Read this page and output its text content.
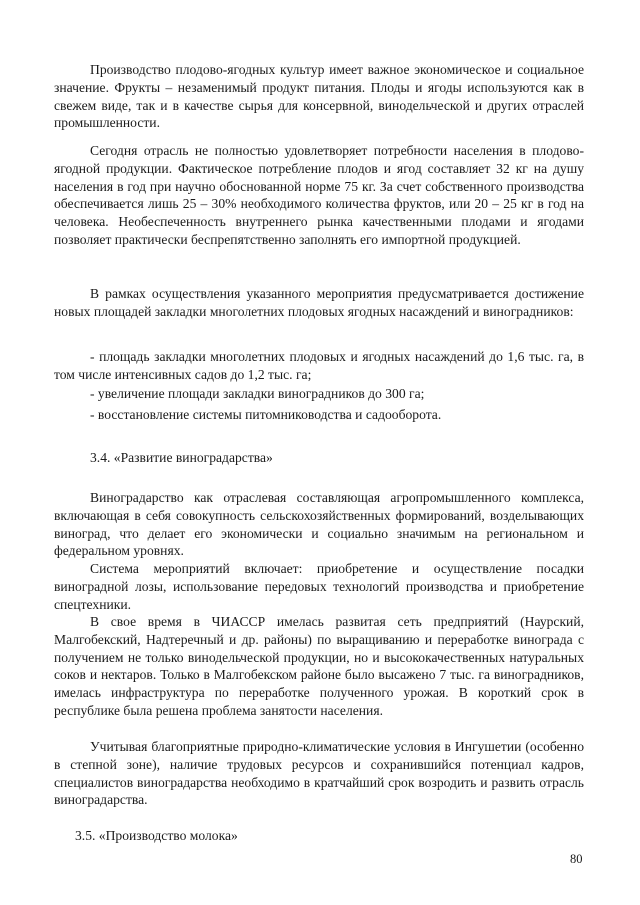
Производство плодово-ягодных культур имеет важное экономическое и социальное значение. Фрукты – незаменимый продукт питания. Плоды и ягоды используются как в свежем виде, так и в качестве сырья для консервной, винодельческой и других отраслей промышленности.

Сегодня отрасль не полностью удовлетворяет потребности населения в плодово-ягодной продукции. Фактическое потребление плодов и ягод составляет 32 кг на душу населения в год при научно обоснованной норме 75 кг. За счет собственного производства обеспечивается лишь 25 – 30% необходимого количества фруктов, или 20 – 25 кг в год на человека. Необеспеченность внутреннего рынка качественными плодами и ягодами позволяет практически беспрепятственно заполнять его импортной продукцией.

В рамках осуществления указанного мероприятия предусматривается достижение новых площадей закладки многолетних плодовых ягодных насаждений и виноградников:

- площадь закладки многолетних плодовых и ягодных насаждений до 1,6 тыс. га, в том числе интенсивных садов до 1,2 тыс. га;

- увеличение площади закладки виноградников до 300 га;

- восстановление системы питомниководства и садооборота.

3.4. «Развитие виноградарства»

Виноградарство как отраслевая составляющая агропромышленного комплекса, включающая в себя совокупность сельскохозяйственных формирований, возделывающих виноград, что делает его экономически и социально значимым на региональном и федеральном уровнях.

Система мероприятий включает: приобретение и осуществление посадки виноградной лозы, использование передовых технологий производства и приобретение спецтехники.

В свое время в ЧИАССР имелась развитая сеть предприятий (Наурский, Малгобекский, Надтеречный и др. районы) по выращиванию и переработке винограда с получением не только винодельческой продукции, но и высококачественных натуральных соков и нектаров. Только в Малгобекском районе было высажено 7 тыс. га виноградников, имелась инфраструктура по переработке полученного урожая. В короткий срок в республике была решена проблема занятости населения.

Учитывая благоприятные природно-климатические условия в Ингушетии (особенно в степной зоне), наличие трудовых ресурсов и сохранившийся потенциал кадров, специалистов виноградарства необходимо в кратчайший срок возродить и развить отрасль виноградарства.

3.5. «Производство молока»
80
